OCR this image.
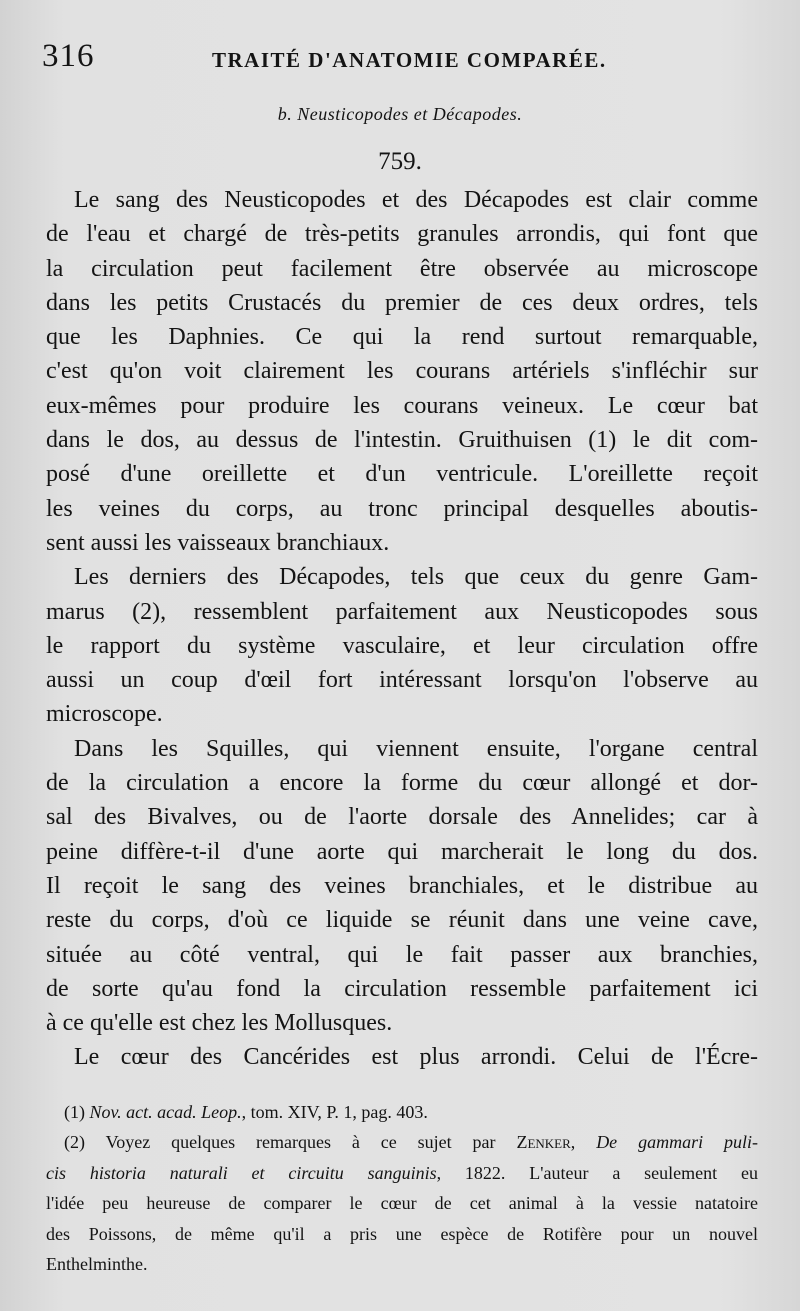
316	TRAITÉ D'ANATOMIE COMPARÉE.
b. Neusticopodes et Décapodes.
759.
Le sang des Neusticopodes et des Décapodes est clair comme
de l'eau et chargé de très-petits granules arrondis, qui font que
la circulation peut facilement être observée au microscope
dans les petits Crustacés du premier de ces deux ordres, tels
que les Daphnies. Ce qui la rend surtout remarquable,
c'est qu'on voit clairement les courans artériels s'infléchir sur
eux-mêmes pour produire les courans veineux. Le cœur bat
dans le dos, au dessus de l'intestin. Gruithuisen (1) le dit com-
posé d'une oreillette et d'un ventricule. L'oreillette reçoit
les veines du corps, au tronc principal desquelles aboutis-
sent aussi les vaisseaux branchiaux.
Les derniers des Décapodes, tels que ceux du genre Gam-
marus (2), ressemblent parfaitement aux Neusticopodes sous
le rapport du système vasculaire, et leur circulation offre
aussi un coup d'œil fort intéressant lorsqu'on l'observe au
microscope.
Dans les Squilles, qui viennent ensuite, l'organe central
de la circulation a encore la forme du cœur allongé et dor-
sal des Bivalves, ou de l'aorte dorsale des Annelides; car à
peine diffère-t-il d'une aorte qui marcherait le long du dos.
Il reçoit le sang des veines branchiales, et le distribue au
reste du corps, d'où ce liquide se réunit dans une veine cave,
située au côté ventral, qui le fait passer aux branchies,
de sorte qu'au fond la circulation ressemble parfaitement ici
à ce qu'elle est chez les Mollusques.
Le cœur des Cancérides est plus arrondi. Celui de l'Écre-
(1) Nov. act. acad. Leop., tom. XIV, P. 1, pag. 403.
(2) Voyez quelques remarques à ce sujet par Zenker, De gammari puli-
cis historia naturali et circuitu sanguinis, 1822. L'auteur a seulement eu
l'idée peu heureuse de comparer le cœur de cet animal à la vessie natatoire
des Poissons, de même qu'il a pris une espèce de Rotifère pour un nouvel
Enthelminthe.
